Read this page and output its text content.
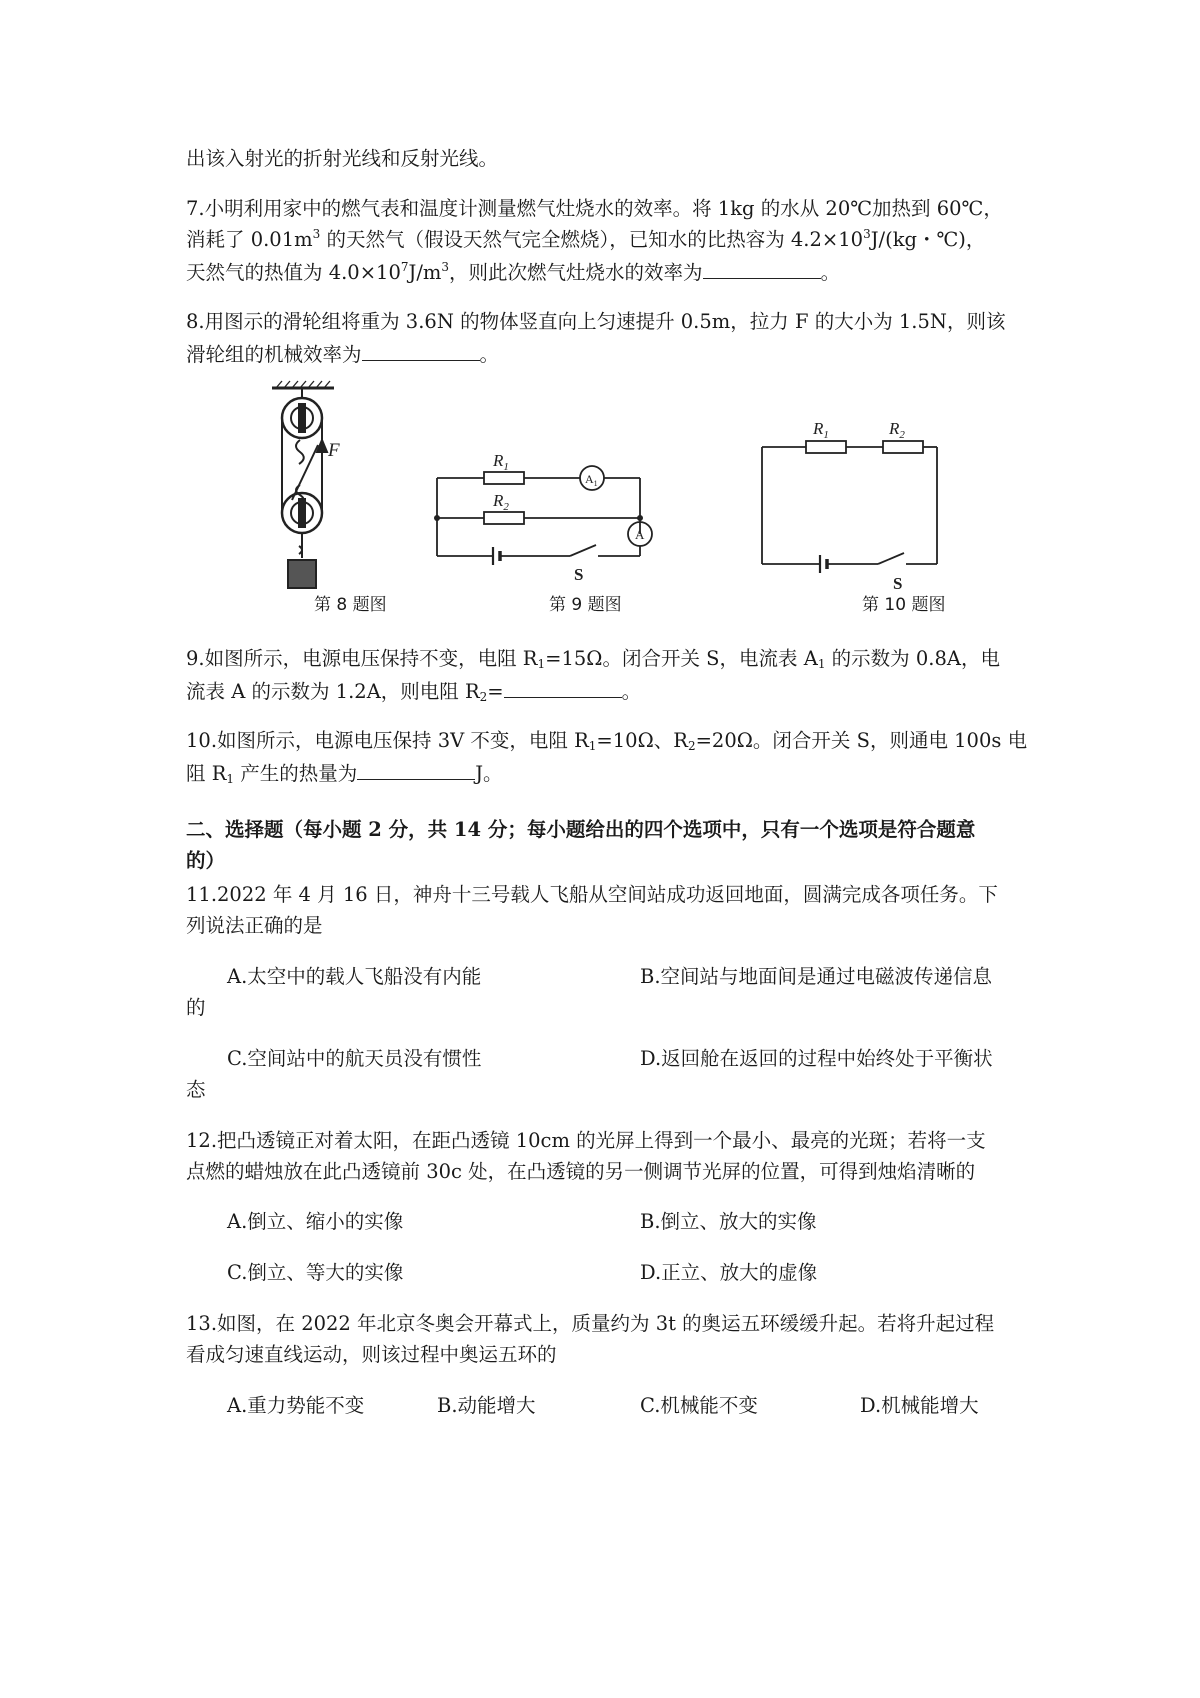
出该入射光的折射光线和反射光线。
7.小明利用家中的燃气表和温度计测量燃气灶烧水的效率。将 1kg 的水从 20℃加热到 60℃，
消耗了 $0.01m^3$ 的天然气（假设天然气完全燃烧），已知水的比热容为 $4.2\times 10^3J/(kg$・℃)，
天然气的热值为 $4.0\times 10^7J/m^3$，则此次燃气灶烧水的效率为	。
8.用图示的滑轮组将重为 3.6N 的物体竖直向上匀速提升 0.5m，拉力 F 的大小为 1.5N，则该
滑轮组的机械效率为	。
F	$R_1$
$R_2$
$A_1$
A
S
$R_1$	$R_2$
S
第 8 题图	第 9 题图	第 10 题图
9.如图所示，电源电压保持不变，电阻 $R_1=15\Omega$。闭合开关 S，电流表 $A_1$ 的示数为 0.8A，电
流表 A 的示数为 1.2A，则电阻 $R_2=$	。
10.如图所示，电源电压保持 3V 不变，电阻 $R_1=10\Omega$、$R_2=20\Omega$。闭合开关 S，则通电 100s 电
阻 $R_1$ 产生的热量为	J。
二、选择题（每小题 2 分，共 14 分；每小题给出的四个选项中，只有一个选项是符合题意
的）
11.2022 年 4 月 16 日，神舟十三号载人飞船从空间站成功返回地面，圆满完成各项任务。下
列说法正确的是
A.太空中的载人飞船没有内能	B.空间站与地面间是通过电磁波传递信息
的
C.空间站中的航天员没有惯性	D.返回舱在返回的过程中始终处于平衡状
态
12.把凸透镜正对着太阳，在距凸透镜 10cm 的光屏上得到一个最小、最亮的光斑；若将一支
点燃的蜡烛放在此凸透镜前 30c 处，在凸透镜的另一侧调节光屏的位置，可得到烛焰清晰的
A.倒立、缩小的实像	B.倒立、放大的实像
C.倒立、等大的实像	D.正立、放大的虚像
13.如图，在 2022 年北京冬奥会开幕式上，质量约为 3t 的奥运五环缓缓升起。若将升起过程
看成匀速直线运动，则该过程中奥运五环的
A.重力势能不变	B.动能增大	C.机械能不变	D.机械能增大
